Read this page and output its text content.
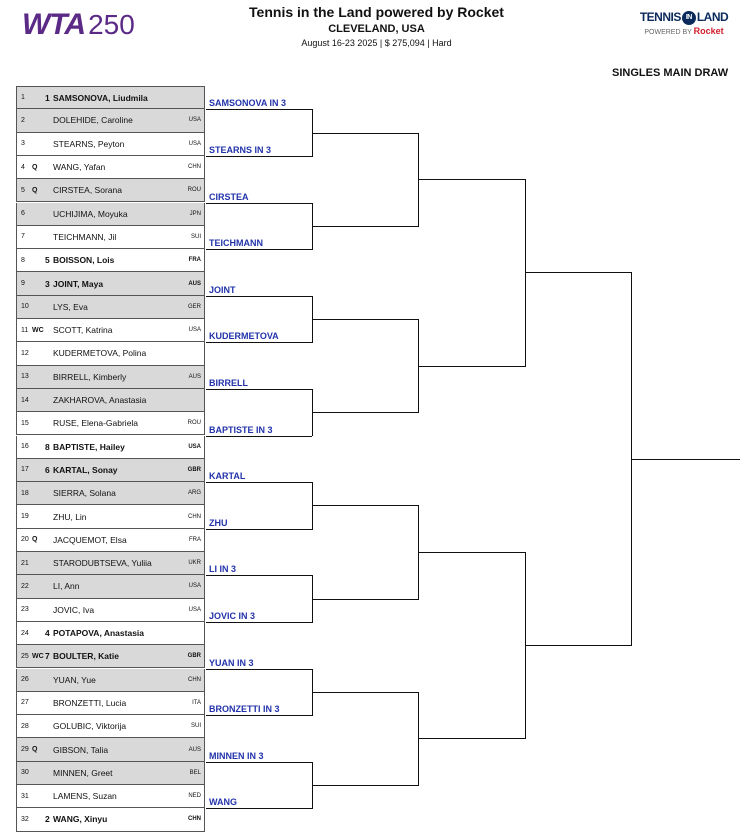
WTA 250	Tennis in the Land powered by Rocket
CLEVELAND, USA
August 16-23 2025 | $ 275,094 | Hard
TENNIS IN LAND
POWERED BY Rocket
SINGLES MAIN DRAW
1 1 SAMSONOVA, Liudmila
2	DOLEHIDE, Caroline	USA
3	STEARNS, Peyton	USA
4 Q WANG, Yafan	CHN
5 Q CIRSTEA, Sorana	ROU
6	UCHIJIMA, Moyuka	JPN
7	TEICHMANN, Jil	SUI
8 5 BOISSON, Lois	FRA
9 3 JOINT, Maya	AUS
10	LYS, Eva	GER
11 WC SCOTT, Katrina	USA
12	KUDERMETOVA, Polina
13	BIRRELL, Kimberly	AUS
14	ZAKHAROVA, Anastasia
15	RUSE, Elena-Gabriela	ROU
16 8 BAPTISTE, Hailey	USA
17 6 KARTAL, Sonay	GBR
18	SIERRA, Solana	ARG
19	ZHU, Lin	CHN
20 Q JACQUEMOT, Elsa	FRA
21	STARODUBTSEVA, Yuliia	UKR
22	LI, Ann	USA
23	JOVIC, Iva	USA
24 4 POTAPOVA, Anastasia
25 WC 7 BOULTER, Katie	GBR
26	YUAN, Yue	CHN
27	BRONZETTI, Lucia	ITA
28	GOLUBIC, Viktorija	SUI
29 Q GIBSON, Talia	AUS
30	MINNEN, Greet	BEL
31	LAMENS, Suzan	NED
32 2 WANG, Xinyu	CHN
SAMSONOVA IN 3
STEARNS IN 3
CIRSTEA
TEICHMANN
JOINT
KUDERMETOVA
BIRRELL
BAPTISTE IN 3
KARTAL
ZHU
LI IN 3
JOVIC IN 3
YUAN IN 3
BRONZETTI IN 3
MINNEN IN 3
WANG
